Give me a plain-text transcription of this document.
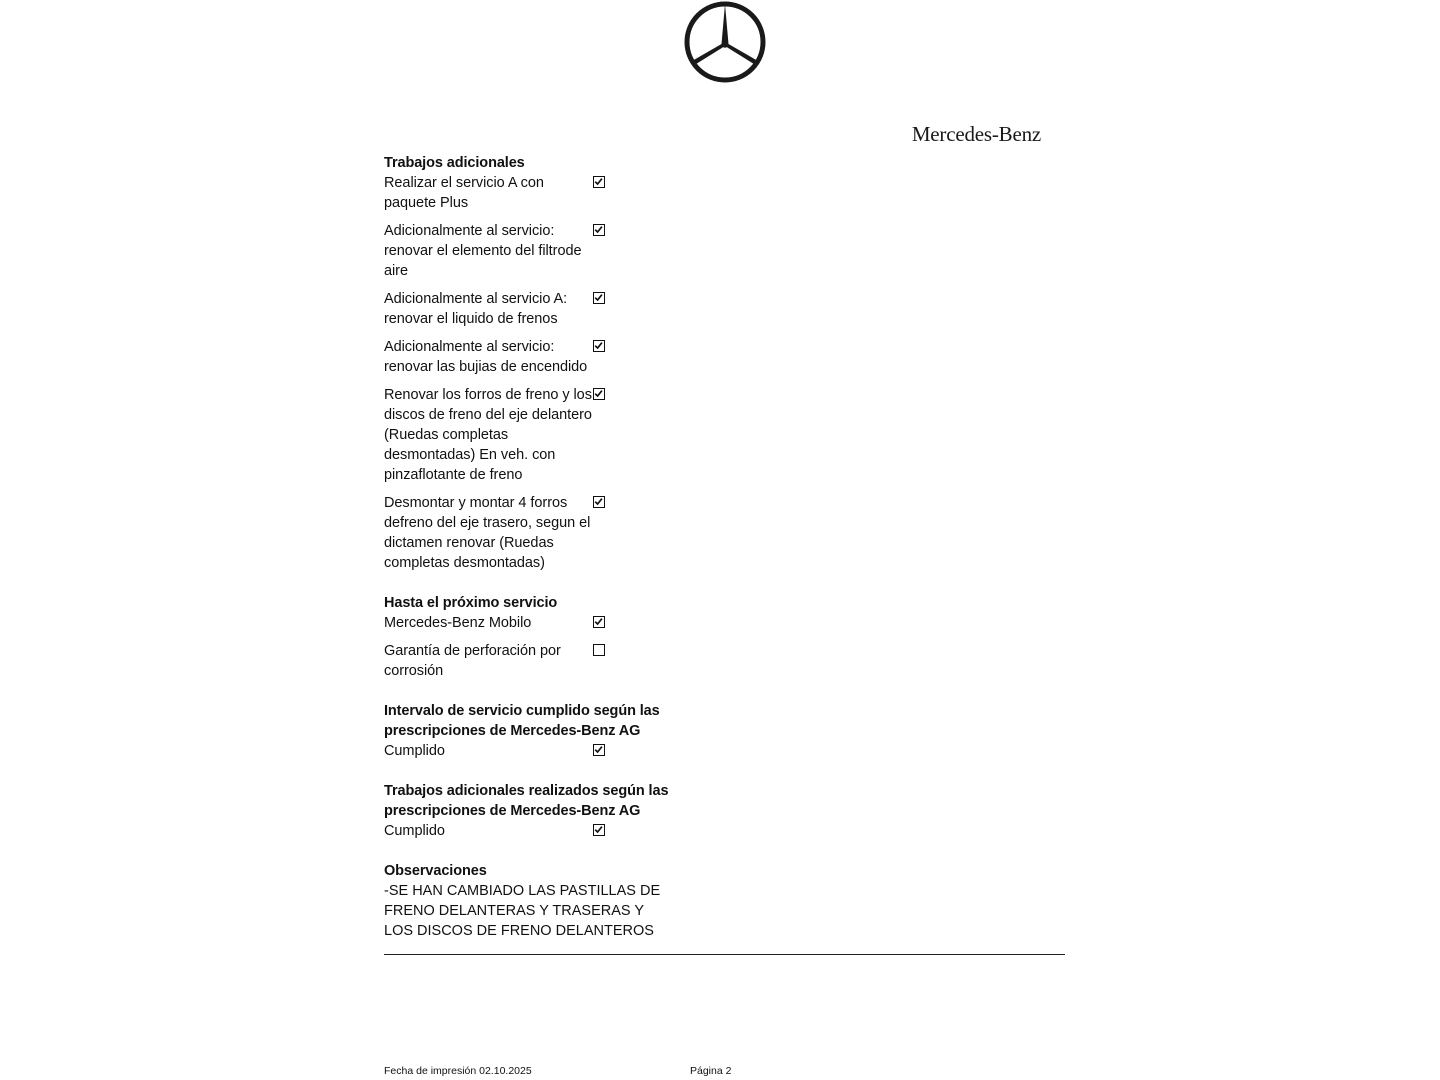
Mercedes-Benz
Trabajos adicionales
Realizar el servicio A con paquete Plus
Adicionalmente al servicio: renovar el elemento del filtrode aire
Adicionalmente al servicio A: renovar el liquido de frenos
Adicionalmente al servicio: renovar las bujias de encendido
Renovar los forros de freno y los discos de freno del eje delantero (Ruedas completas desmontadas) En veh. con pinzaflotante de freno
Desmontar y montar 4 forros defreno del eje trasero, segun el dictamen renovar (Ruedas completas desmontadas)
Hasta el próximo servicio
Mercedes-Benz Mobilo
Garantía de perforación por corrosión
Intervalo de servicio cumplido según las prescripciones de Mercedes-Benz AG
Cumplido
Trabajos adicionales realizados según las prescripciones de Mercedes-Benz AG
Cumplido
Observaciones
-SE HAN CAMBIADO LAS PASTILLAS DE FRENO DELANTERAS Y TRASERAS Y LOS DISCOS DE FRENO DELANTEROS
Fecha de impresión 02.10.2025	Página 2
